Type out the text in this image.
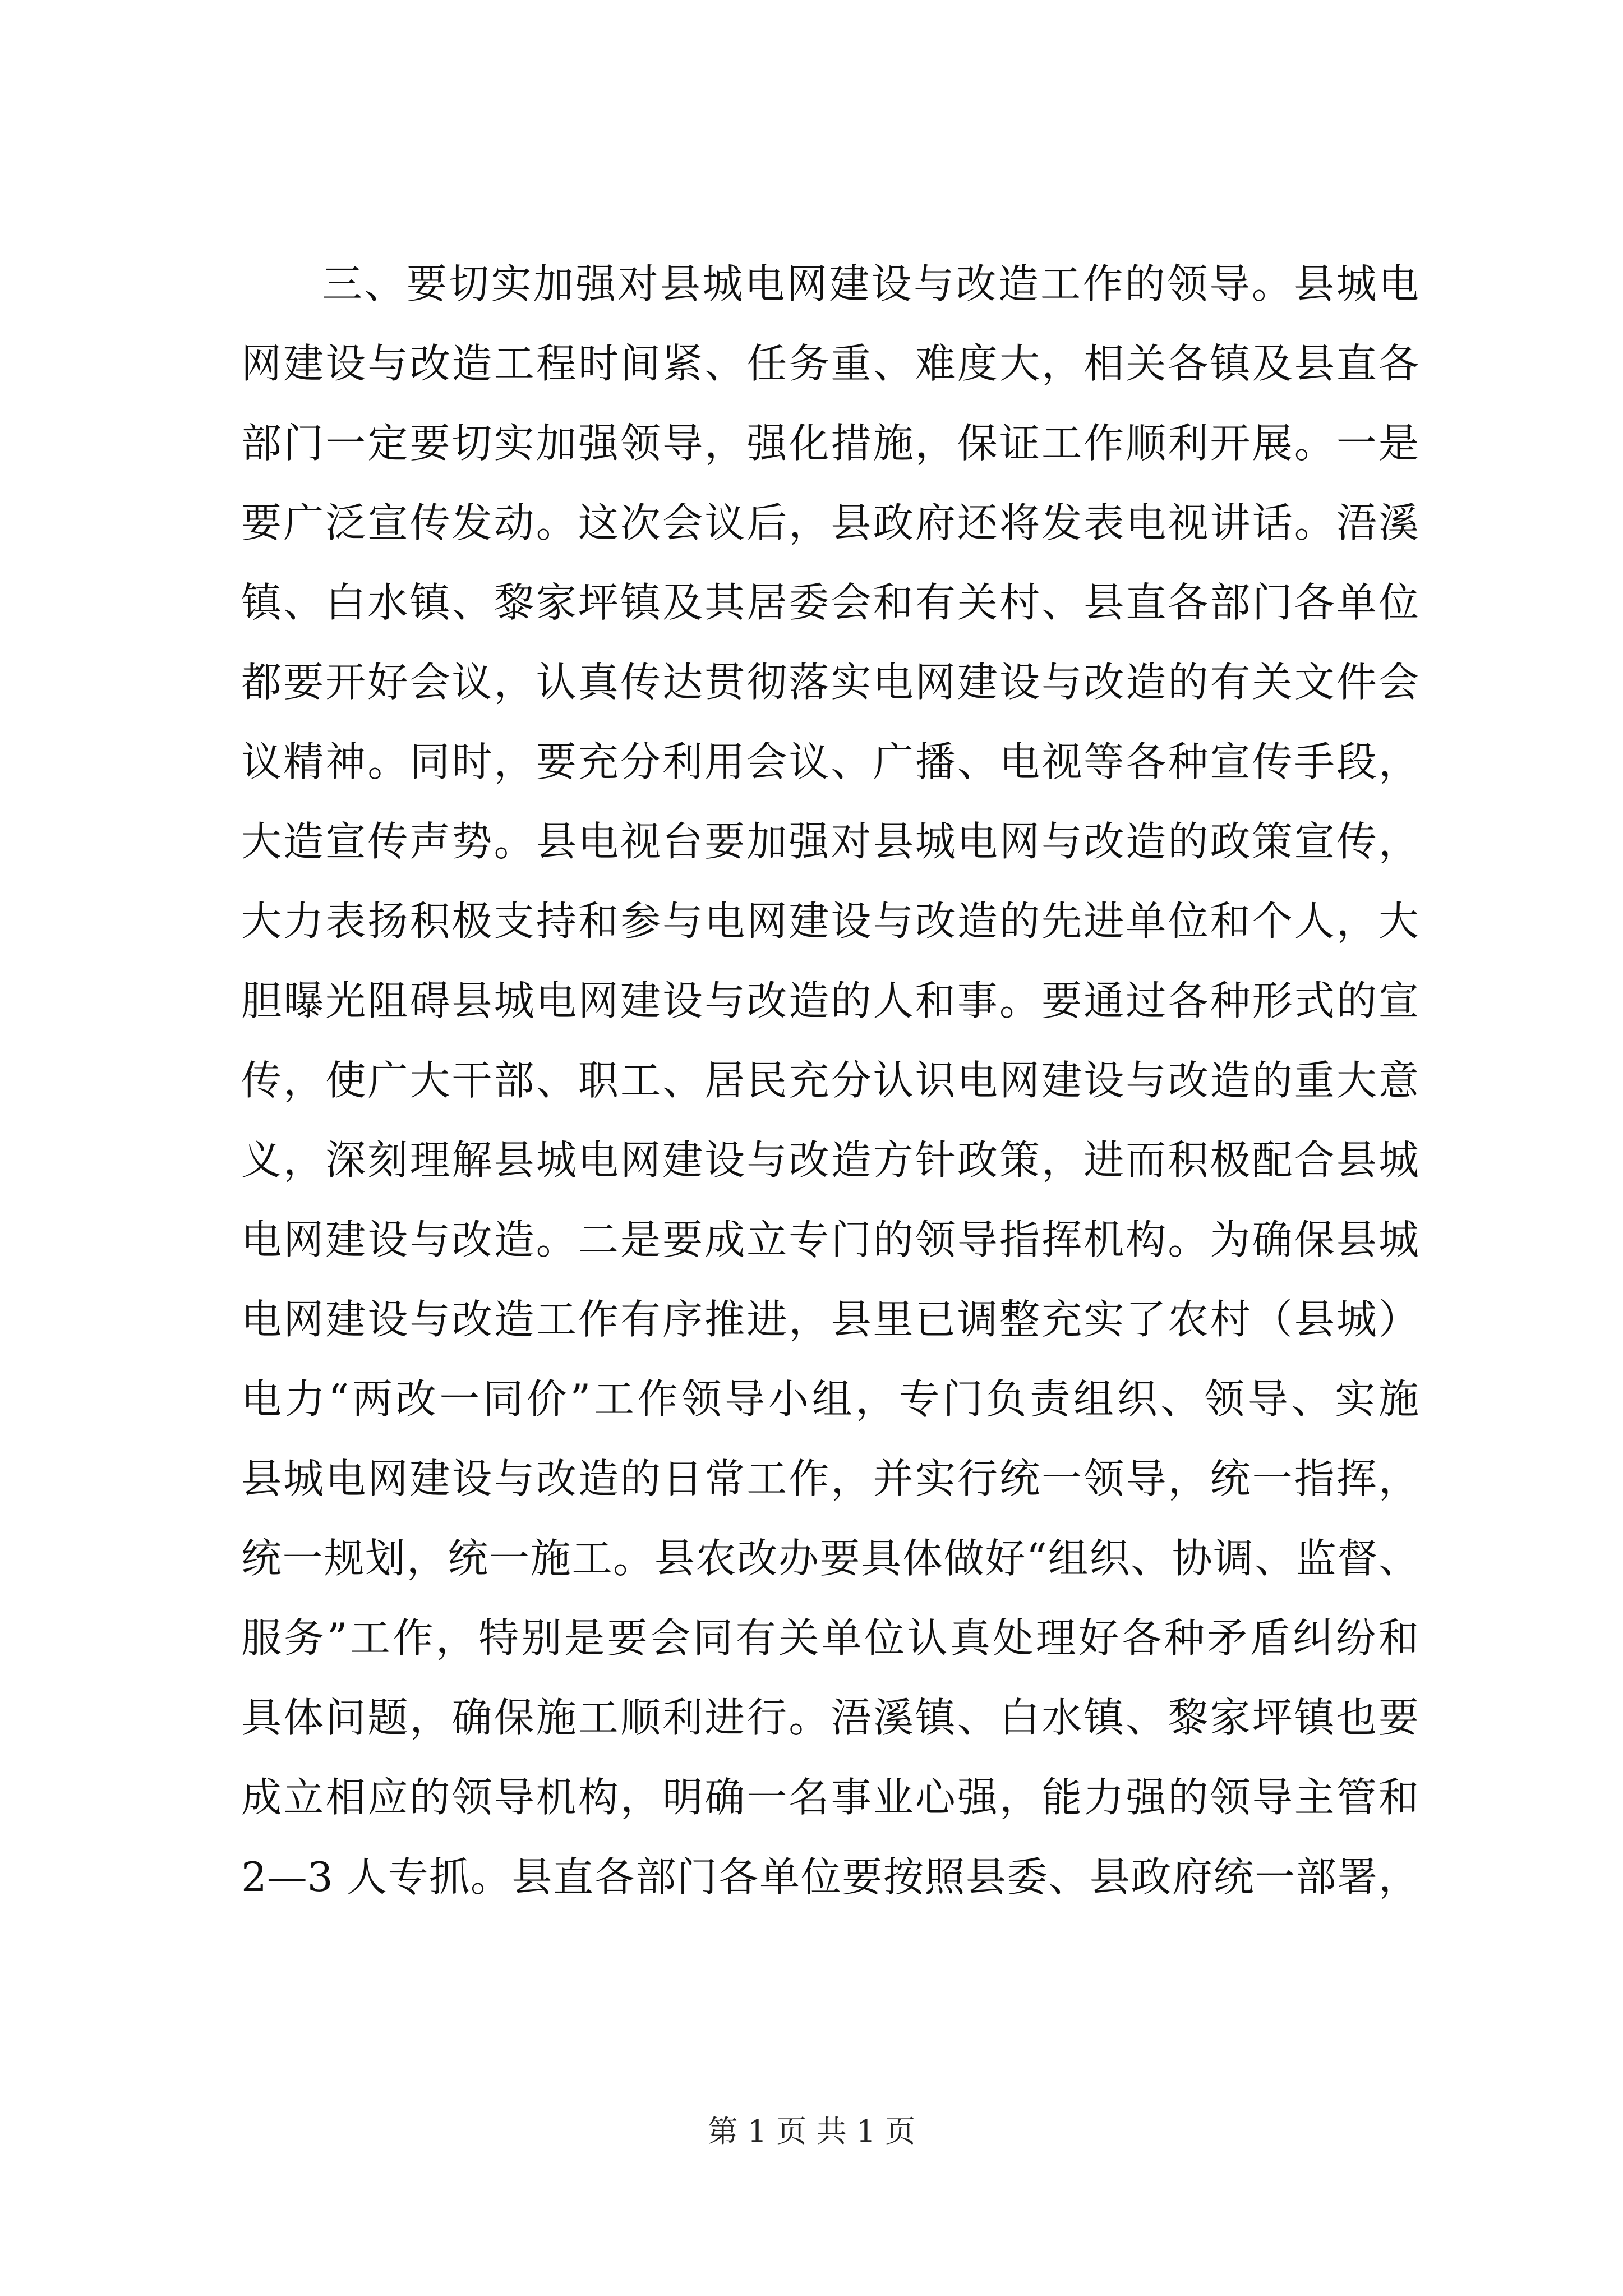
三、要切实加强对县城电网建设与改造工作的领导。县城电
网建设与改造工程时间紧、任务重、难度大，相关各镇及县直各
部门一定要切实加强领导，强化措施，保证工作顺利开展。一是
要广泛宣传发动。这次会议后，县政府还将发表电视讲话。浯溪
镇、白水镇、黎家坪镇及其居委会和有关村、县直各部门各单位
都要开好会议，认真传达贯彻落实电网建设与改造的有关文件会
议精神。同时，要充分利用会议、广播、电视等各种宣传手段，
大造宣传声势。县电视台要加强对县城电网与改造的政策宣传，
大力表扬积极支持和参与电网建设与改造的先进单位和个人，大
胆曝光阻碍县城电网建设与改造的人和事。要通过各种形式的宣
传，使广大干部、职工、居民充分认识电网建设与改造的重大意
义，深刻理解县城电网建设与改造方针政策，进而积极配合县城
电网建设与改造。二是要成立专门的领导指挥机构。为确保县城
电网建设与改造工作有序推进，县里已调整充实了农村（县城）
电力“两改一同价”工作领导小组，专门负责组织、领导、实施
县城电网建设与改造的日常工作，并实行统一领导，统一指挥，
统一规划，统一施工。县农改办要具体做好“组织、协调、监督、
服务”工作，特别是要会同有关单位认真处理好各种矛盾纠纷和
具体问题，确保施工顺利进行。浯溪镇、白水镇、黎家坪镇也要
成立相应的领导机构，明确一名事业心强，能力强的领导主管和
2—3 人专抓。县直各部门各单位要按照县委、县政府统一部署，
第 1 页 共 1 页
